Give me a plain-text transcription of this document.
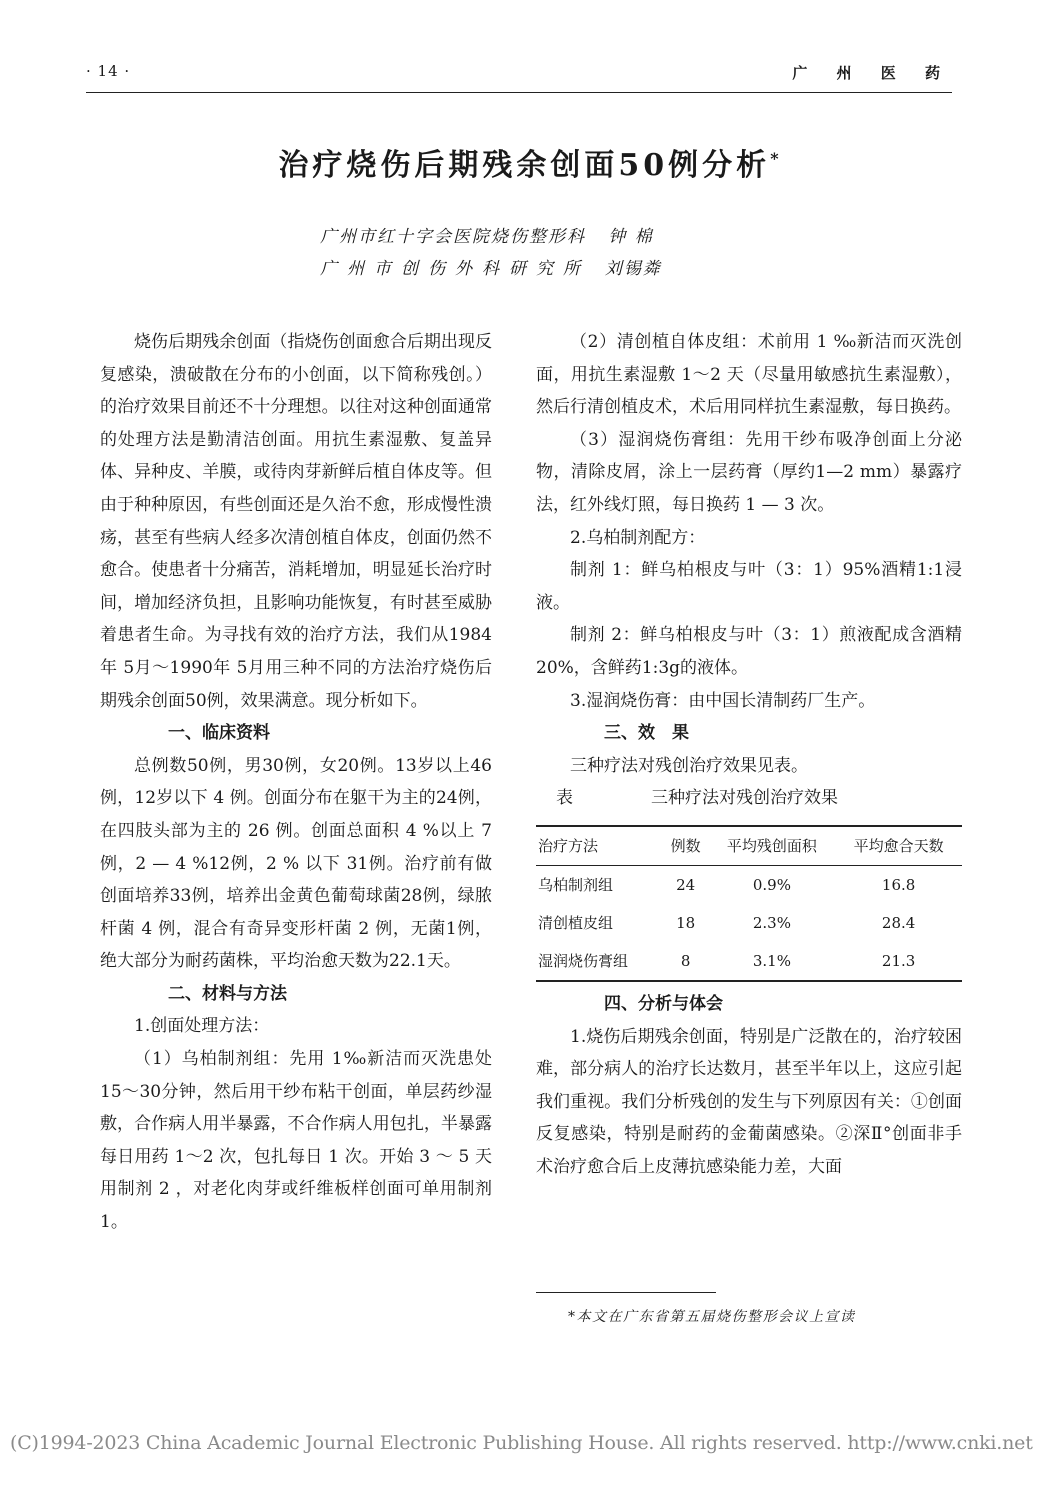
· 14 ·	广 州 医 药
治疗烧伤后期残余创面50例分析*
广州市红十字会医院烧伤整形科 钟 棉
广州市创伤外科研究所 刘锡粦

烧伤后期残余创面（指烧伤创面愈合后期出现反复感染，溃破散在分布的小创面，以下简称残创。）的治疗效果目前还不十分理想。以往对这种创面通常的处理方法是勤清洁创面。用抗生素湿敷、复盖异体、异种皮、羊膜，或待肉芽新鲜后植自体皮等。但由于种种原因，有些创面还是久治不愈，形成慢性溃疡，甚至有些病人经多次清创植自体皮，创面仍然不愈合。使患者十分痛苦，消耗增加，明显延长治疗时间，增加经济负担，且影响功能恢复，有时甚至威胁着患者生命。为寻找有效的治疗方法，我们从1984年 5月～1990年 5月用三种不同的方法治疗烧伤后期残余创面50例，效果满意。现分析如下。

一、临床资料

总例数50例，男30例，女20例。13岁以上46例，12岁以下 4 例。创面分布在躯干为主的24例，在四肢头部为主的 26 例。创面总面积 4 %以上 7 例，2 — 4 %12例，2 % 以下 31例。治疗前有做创面培养33例，培养出金黄色葡萄球菌28例，绿脓杆菌 4 例，混合有奇异变形杆菌 2 例，无菌1例，绝大部分为耐药菌株，平均治愈天数为22.1天。

二、材料与方法

1.创面处理方法：

（1）乌柏制剂组：先用 1‰新洁而灭洗患处15～30分钟，然后用干纱布粘干创面，单层药纱湿敷，合作病人用半暴露，不合作病人用包扎，半暴露每日用药 1～2 次，包扎每日 1 次。开始 3 ～ 5 天用制剂 2 ，对老化肉芽或纤维板样创面可单用制剂 1。

（2）清创植自体皮组：术前用 1 ‰新洁而灭洗创面，用抗生素湿敷 1～2 天（尽量用敏感抗生素湿敷），然后行清创植皮术，术后用同样抗生素湿敷，每日换药。

（3）湿润烧伤膏组：先用干纱布吸净创面上分泌物，清除皮屑，涂上一层药膏（厚约1—2 mm）暴露疗法，红外线灯照，每日换药 1 — 3 次。

2.乌柏制剂配方：

制剂 1：鲜乌柏根皮与叶（3：1）95%酒精1:1浸液。

制剂 2：鲜乌柏根皮与叶（3：1）煎液配成含酒精20%，含鲜药1:3g的液体。

3.湿润烧伤膏：由中国长清制药厂生产。

三、效　果

三种疗法对残创治疗效果见表。

表	三种疗法对残创治疗效果
治疗方法	例数	平均残创面积	平均愈合天数
乌柏制剂组	24	0.9%	16.8
清创植皮组	18	2.3%	28.4
湿润烧伤膏组	8	3.1%	21.3

四、分析与体会

1.烧伤后期残余创面，特别是广泛散在的，治疗较困难，部分病人的治疗长达数月，甚至半年以上，这应引起我们重视。我们分析残创的发生与下列原因有关：①创面反复感染，特别是耐药的金葡菌感染。②深Ⅱ°创面非手术治疗愈合后上皮薄抗感染能力差，大面

*本文在广东省第五届烧伤整形会议上宣读
(C)1994-2023 China Academic Journal Electronic Publishing House. All rights reserved. http://www.cnki.net
